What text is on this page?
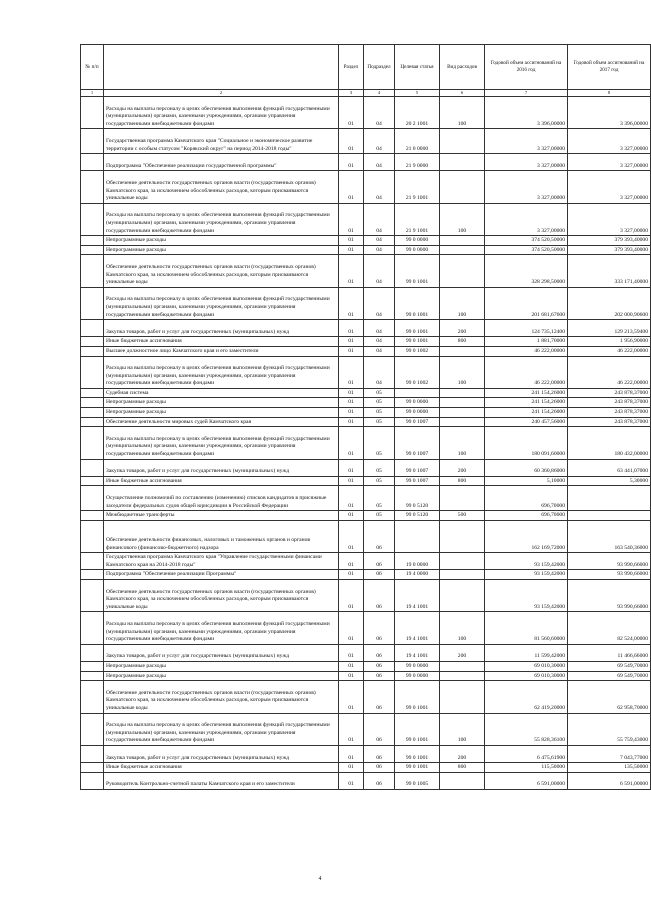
№ п/п		Раздел	Подраздел	Целевая статья	Вид расходов	Годовой объем ассигнований на 2016 год	Годовой объем ассигнований на 2017 год
1	2	3	4	5	6	7	8
	Расходы на выплаты персоналу в целях обеспечения выполнения функций государственными (муниципальными) органами, казенными учреждениями, органами управления государственными внебюджетными фондами	01	04	20 2 1001	100	3 396,00000	3 396,00000
	Государственная программа Камчатского края "Социальное и экономическое развитие территории с особым статусом "Корякский округ" на период 2014-2018 годы"	01	04	21 0 0000		3 327,00000	3 327,00000
	Подпрограмма "Обеспечение реализации государственной программы"	01	04	21 9 0000		3 327,00000	3 327,00000
	Обеспечение деятельности государственных органов власти (государственных органов) Камчатского края, за исключением обособленных расходов, которым присваиваются уникальные коды	01	04	21 9 1001		3 327,00000	3 327,00000
	Расходы на выплаты персоналу в целях обеспечения выполнения функций государственными (муниципальными) органами, казенными учреждениями, органами управления государственными внебюджетными фондами	01	04	21 9 1001	100	3 327,00000	3 327,00000
	Непрограммные расходы	01	04	99 0 0000		374 520,50000	379 393,40000
	Непрограммные расходы	01	04	99 0 0000		374 520,50000	379 393,40000
	Обеспечение деятельности государственных органов власти (государственных органов) Камчатского края, за исключением обособленных расходов, которым присваиваются уникальные коды	01	04	99 0 1001		328 298,50000	333 171,40000
	Расходы на выплаты персоналу в целях обеспечения выполнения функций государственными (муниципальными) органами, казенными учреждениями, органами управления государственными внебюджетными фондами	01	04	99 0 1001	100	201 681,67600	202 000,90600
	Закупка товаров, работ и услуг для государственных (муниципальных) нужд	01	04	99 0 1001	200	124 735,12400	129 213,59400
	Иные бюджетные ассигнования	01	04	99 0 1001	800	1 881,70000	1 956,90000
	Высшее должностное лицо Камчатского края и его заместители	01	04	99 0 1002		46 222,00000	46 222,00000
	Расходы на выплаты персоналу в целях обеспечения выполнения функций государственными (муниципальными) органами, казенными учреждениями, органами управления государственными внебюджетными фондами	01	04	99 0 1002	100	46 222,00000	46 222,00000
	Судебная система	01	05			241 154,26000	243 878,37000
	Непрограммные расходы	01	05	99 0 0000		241 154,26000	243 878,37000
	Непрограммные расходы	01	05	99 0 0000		241 154,26000	243 878,37000
	Обеспечение деятельности мировых судей Камчатского края	01	05	99 0 1007		240 457,56000	243 878,37000
	Расходы на выплаты персоналу в целях обеспечения выполнения функций государственными (муниципальными) органами, казенными учреждениями, органами управления государственными внебюджетными фондами	01	05	99 0 1007	100	180 091,60000	180 432,00000
	Закупка товаров, работ и услуг для государственных (муниципальных) нужд	01	05	99 0 1007	200	60 360,86000	63 441,07000
	Иные бюджетные ассигнования	01	05	99 0 1007	800	5,10000	5,30000
	Осуществление полномочий по составлению (изменению) списков кандидатов в присяжные заседатели федеральных судов общей юрисдикции в Российской Федерации	01	05	99 0 5120		696,70000	
	Межбюджетные трансферты	01	05	99 0 5120	500	696,70000	
	Обеспечение деятельности финансовых, налоговых и таможенных органов и органов финансового (финансово-бюджетного) надзора	01	06			162 169,72000	163 540,36000
	Государственная программа Камчатского края "Управление государственными финансами Камчатского края на 2014-2018 годы"	01	06	19 0 0000		93 159,42000	93 990,66000
	Подпрограмма "Обеспечение реализации Программы"	01	06	19 4 0000		93 159,42000	93 990,66000
	Обеспечение деятельности государственных органов власти (государственных органов) Камчатского края, за исключением обособленных расходов, которым присваиваются уникальные коды	01	06	19 4 1001		93 159,42000	93 990,66000
	Расходы на выплаты персоналу в целях обеспечения выполнения функций государственными (муниципальными) органами, казенными учреждениями, органами управления государственными внебюджетными фондами	01	06	19 4 1001	100	81 560,60000	82 524,00000
	Закупка товаров, работ и услуг для государственных (муниципальных) нужд	01	06	19 4 1001	200	11 599,42000	11 466,66000
	Непрограммные расходы	01	06	99 0 0000		69 010,30000	69 549,70000
	Непрограммные расходы	01	06	99 0 0000		69 010,30000	69 549,70000
	Обеспечение деятельности государственных органов власти (государственных органов) Камчатского края, за исключением обособленных расходов, которым присваиваются уникальные коды	01	06	99 0 1001		62 419,20000	62 958,70000
	Расходы на выплаты персоналу в целях обеспечения выполнения функций государственными (муниципальными) органами, казенными учреждениями, органами управления государственными внебюджетными фондами	01	06	99 0 1001	100	55 828,36100	55 759,43000
	Закупка товаров, работ и услуг для государственных (муниципальных) нужд	01	06	99 0 1001	200	6 475,61900	7 043,77000
	Иные бюджетные ассигнования	01	06	99 0 1001	800	115,50000	135,50000
	Руководитель Контрольно-счетной палаты Камчатского края и его заместители	01	06	99 0 1005		6 591,00000	6 591,00000
4
